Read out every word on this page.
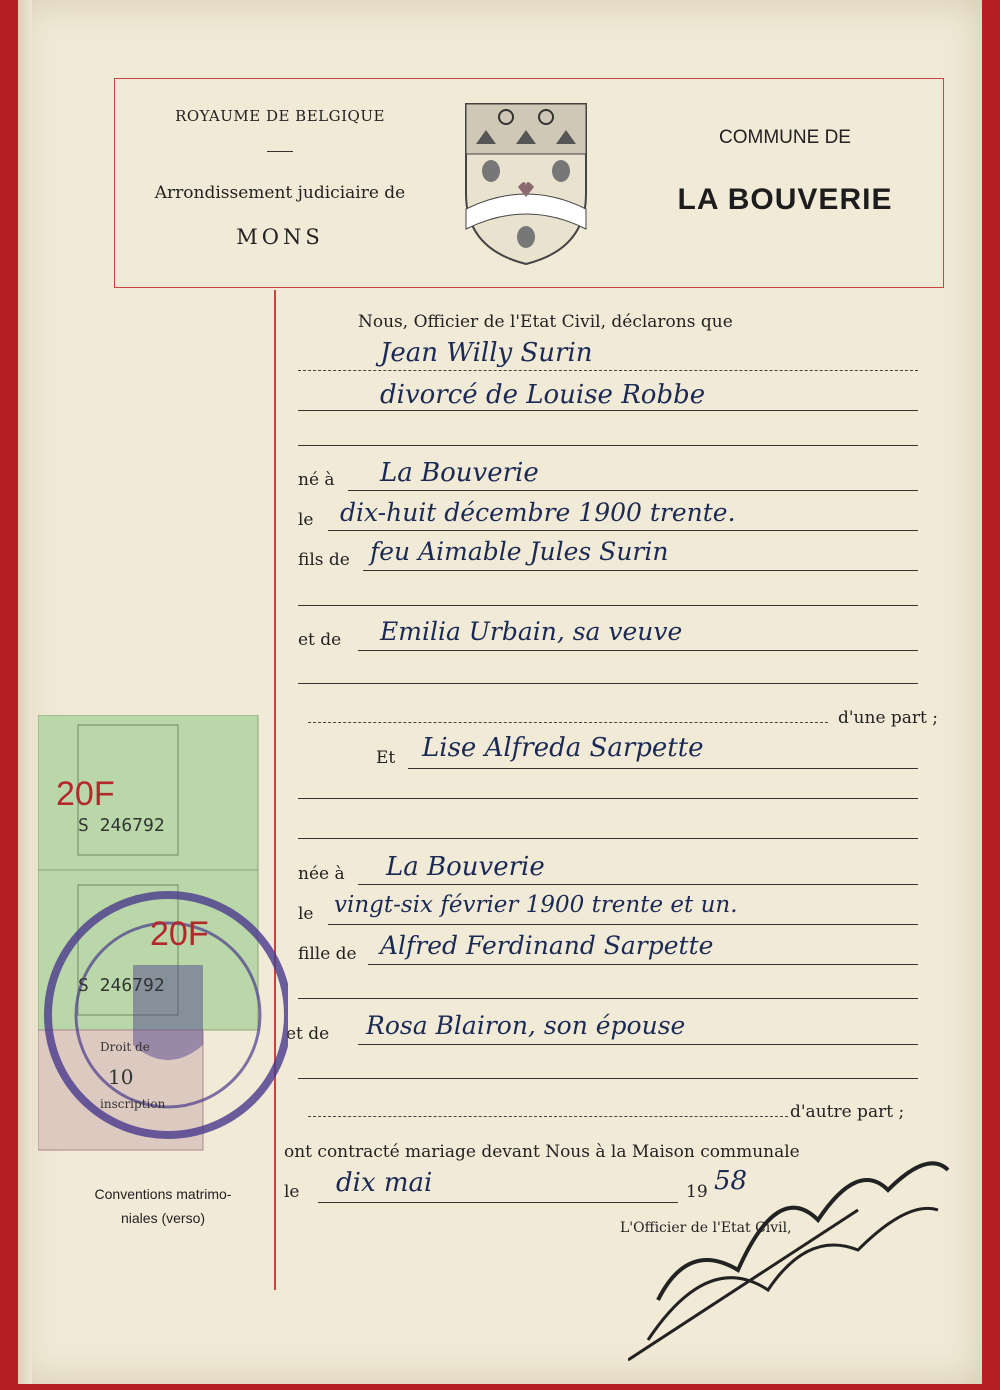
ROYAUME DE BELGIQUE
Arrondissement judiciaire de
MONS
COMMUNE DE
LA BOUVERIE
Nous, Officier de l'Etat Civil, déclarons que
Jean Willy Surin
divorcé de Louise Robbe
né à La Bouverie
le dix-huit décembre 1900 trente.
fils de feu Aimable Jules Surin
et de Emilia Urbain, sa veuve
d'une part ;
Et Lise Alfreda Sarpette
née à La Bouverie
le vingt-six février 1900 trente et un.
fille de Alfred Ferdinand Sarpette
et de Rosa Blairon, son épouse
d'autre part ;
ont contracté mariage devant Nous à la Maison communale
le dix mai	19 58
L'Officier de l'Etat Civil,
20F
S 246792
20F
S 246792
Droit de
10
inscription
Conventions matrimo-
niales (verso)
